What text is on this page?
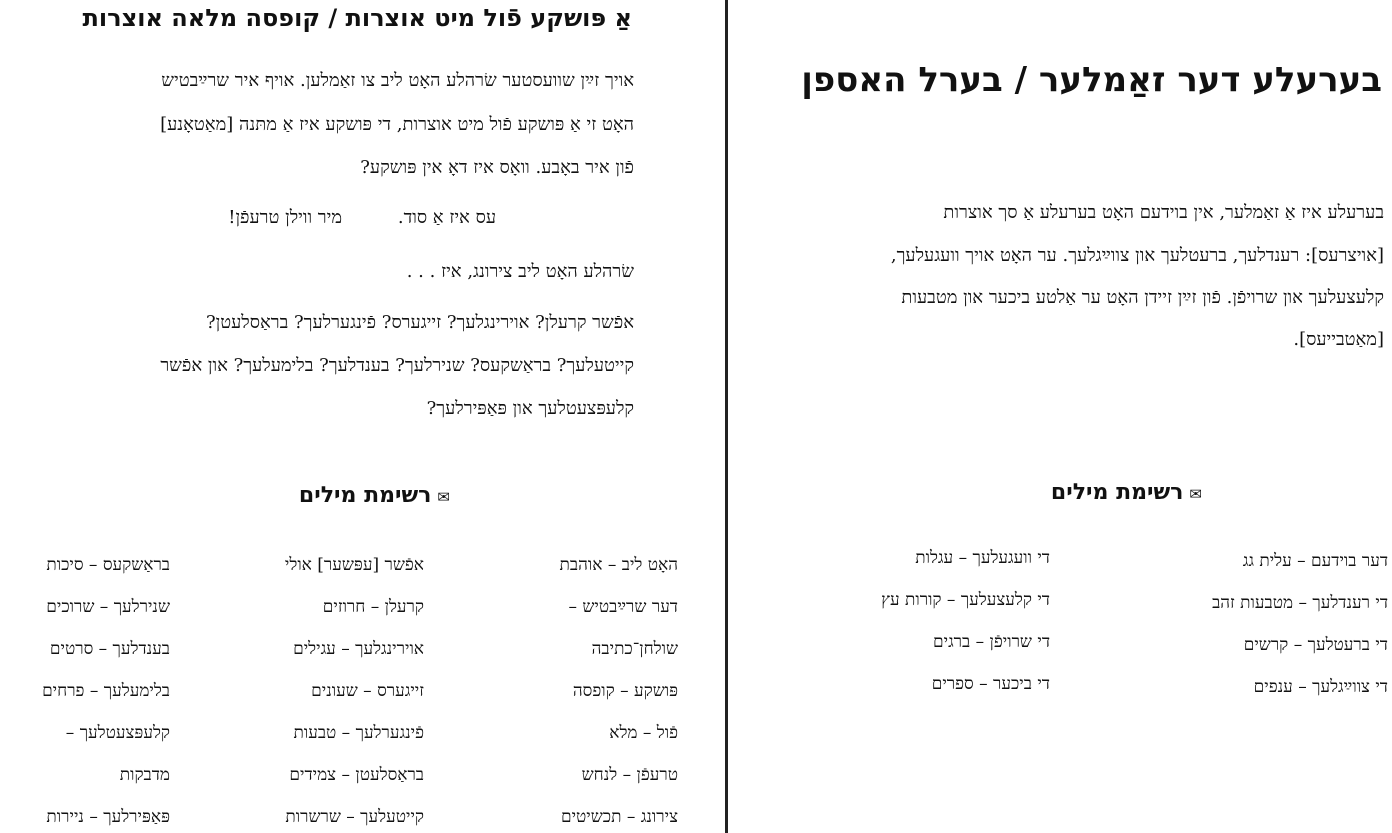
אַ פּושקע פֿול מיט אוצרות / קופסה מלאה אוצרות
אויך זײַן שוועסטער שׂרהלע האָט ליב צו זאַמלען. אויף איר שרײַבטיש
האָט זי אַ פּושקע פֿול מיט אוצרות, די פּושקע איז אַ מתּנה [מאַטאָנע]
פֿון איר באָבע. וואָס איז דאָ אין פּושקע?
עס איז אַ סוד.
מיר ווילן טרעפֿן!
שׂרהלע האָט ליב צירונג, איז . . .
אפֿשר קרעלן? אוירינגלעך? זייגערס? פֿינגערלעך? בראַסלעטן?
קייטעלעך? בראַשקעס? שנירלעך? בענדלעך? בלימעלעך? און אפֿשר
קלעפּצעטלעך און פּאַפּירלעך?
✉רשימת מילים
האָט ליב – אוהבת
דער שרײַבטיש –
שולחן־כתיבה
פּושקע – קופסה
פֿול – מלא
טרעפֿן – לנחש
צירונג – תכשיטים
אפֿשר [עפּשער] אולי
קרעלן – חרוזים
אוירינגלעך – עגילים
זייגערס – שעונים
פֿינגערלעך – טבעות
בראַסלעטן – צמידים
קייטעלעך – שרשרות
בראַשקעס – סיכות
שנירלעך – שרוכים
בענדלעך – סרטים
בלימעלעך – פרחים
קלעפּצעטלעך –
מדבקות
פּאַפּירלעך – ניירות
בערעלע דער זאַמלער / בערל האספן
בערעלע איז אַ זאַמלער, אין בוידעם האָט בערעלע אַ סך אוצרות
[אויצרעס]: רענדלעך, ברעטלעך און צווײַגלעך. ער האָט אויך וועגעלעך,
קלעצעלעך און שרויפֿן. פֿון זײַן זיידן האָט ער אַלטע ביכער און מטבעות
[מאַטבייעס].
✉רשימת מילים
דער בוידעם – עלית גג
די רענדלעך – מטבעות זהב
די ברעטלעך – קרשים
די צווײַגלעך – ענפים
די וועגעלעך – עגלות
די קלעצעלעך – קורות עץ
די שרויפֿן – ברגים
די ביכער – ספרים
